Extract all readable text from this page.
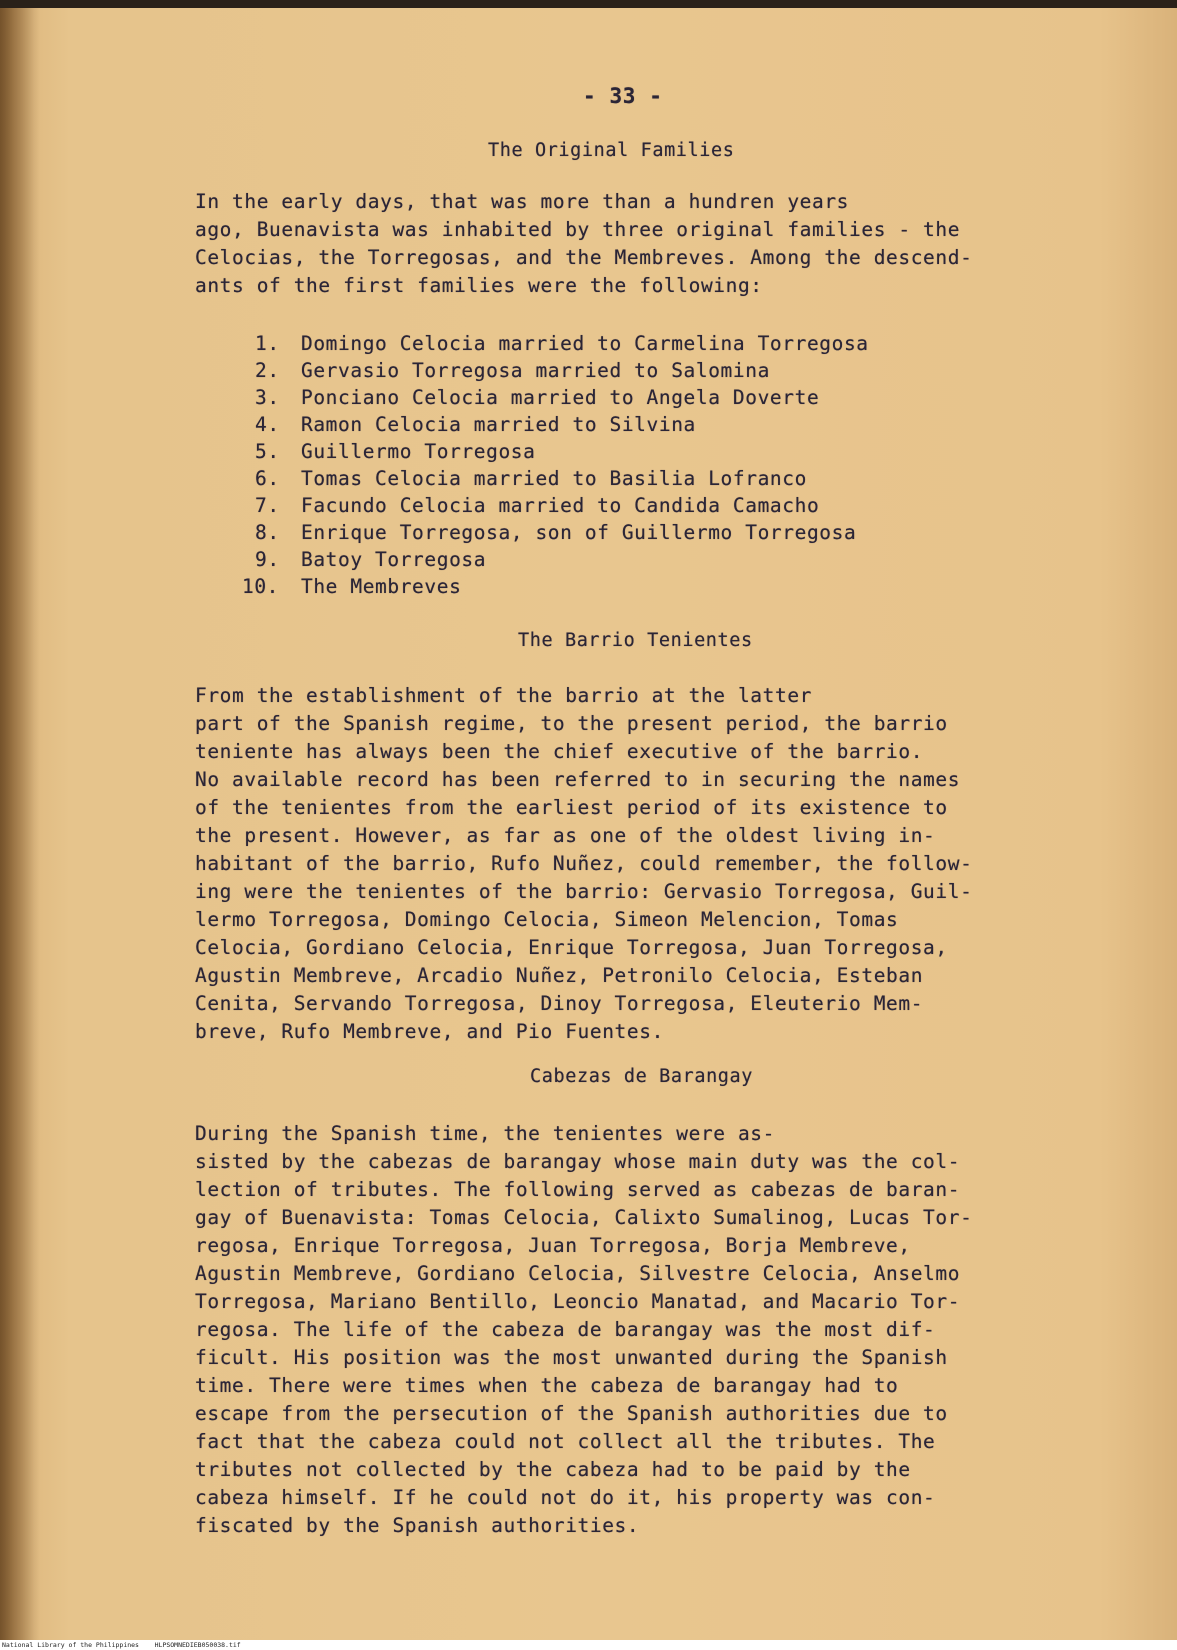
- 33 -
The Original Families
In the early days, that was more than a hundren years
ago, Buenavista was inhabited by three original families - the
Celocias, the Torregosas, and the Membreves. Among the descend-
ants of the first families were the following:
1. Domingo Celocia married to Carmelina Torregosa
2. Gervasio Torregosa married to Salomina
3. Ponciano Celocia married to Angela Doverte
4. Ramon Celocia married to Silvina
5. Guillermo Torregosa
6. Tomas Celocia married to Basilia Lofranco
7. Facundo Celocia married to Candida Camacho
8. Enrique Torregosa, son of Guillermo Torregosa
9. Batoy Torregosa
10. The Membreves
The Barrio Tenientes
From the establishment of the barrio at the latter
part of the Spanish regime, to the present period, the barrio
teniente has always been the chief executive of the barrio.
No available record has been referred to in securing the names
of the tenientes from the earliest period of its existence to
the present. However, as far as one of the oldest living in-
habitant of the barrio, Rufo Nuñez, could remember, the follow-
ing were the tenientes of the barrio: Gervasio Torregosa, Guil-
lermo Torregosa, Domingo Celocia, Simeon Melencion, Tomas
Celocia, Gordiano Celocia, Enrique Torregosa, Juan Torregosa,
Agustin Membreve, Arcadio Nuñez, Petronilo Celocia, Esteban
Cenita, Servando Torregosa, Dinoy Torregosa, Eleuterio Mem-
breve, Rufo Membreve, and Pio Fuentes.
Cabezas de Barangay
During the Spanish time, the tenientes were as-
sisted by the cabezas de barangay whose main duty was the col-
lection of tributes. The following served as cabezas de baran-
gay of Buenavista: Tomas Celocia, Calixto Sumalinog, Lucas Tor-
regosa, Enrique Torregosa, Juan Torregosa, Borja Membreve,
Agustin Membreve, Gordiano Celocia, Silvestre Celocia, Anselmo
Torregosa, Mariano Bentillo, Leoncio Manatad, and Macario Tor-
regosa. The life of the cabeza de barangay was the most dif-
ficult. His position was the most unwanted during the Spanish
time. There were times when the cabeza de barangay had to
escape from the persecution of the Spanish authorities due to
fact that the cabeza could not collect all the tributes. The
tributes not collected by the cabeza had to be paid by the
cabeza himself. If he could not do it, his property was con-
fiscated by the Spanish authorities.
National Library of the Philippines    HLPSOMNEDIEB050038.tif
